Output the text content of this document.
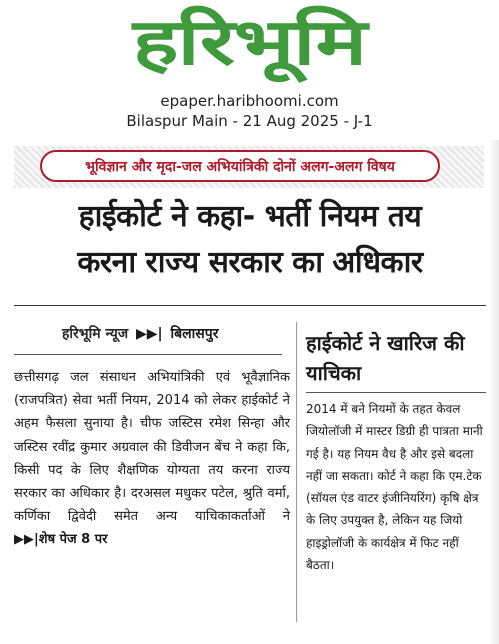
हरिभूमि
epaper.haribhoomi.com
Bilaspur Main - 21 Aug 2025 - J-1
भूविज्ञान और मृदा-जल अभियांत्रिकी दोनों अलग-अलग विषय
हाईकोर्ट ने कहा- भर्ती नियम तय
करना राज्य सरकार का अधिकार
हरिभूमि न्यूज ▶▶| बिलासपुर
छत्तीसगढ़ जल संसाधन अभियांत्रिकी एवं भूवैज्ञानिक (राजपत्रित) सेवा भर्ती नियम, 2014 को लेकर हाईकोर्ट ने अहम फैसला सुनाया है। चीफ जस्टिस रमेश सिन्हा और जस्टिस रवींद्र कुमार अग्रवाल की डिवीजन बेंच ने कहा कि, किसी पद के लिए शैक्षणिक योग्यता तय करना राज्य सरकार का अधिकार है। दरअसल मधुकर पटेल, श्रुति वर्मा, कर्णिका द्विवेदी समेत अन्य याचिकाकर्ताओं ने ▶▶|शेष पेज 8 पर
हाईकोर्ट ने खारिज की याचिका
2014 में बने नियमों के तहत केवल जियोलॉजी में मास्टर डिग्री ही पात्रता मानी गई है। यह नियम वैध है और इसे बदला नहीं जा सकता। कोर्ट ने कहा कि एम.टेक (सॉयल एंड वाटर इंजीनियरिंग) कृषि क्षेत्र के लिए उपयुक्त है, लेकिन यह जियो हाइड्रोलॉजी के कार्यक्षेत्र में फिट नहीं बैठता।
